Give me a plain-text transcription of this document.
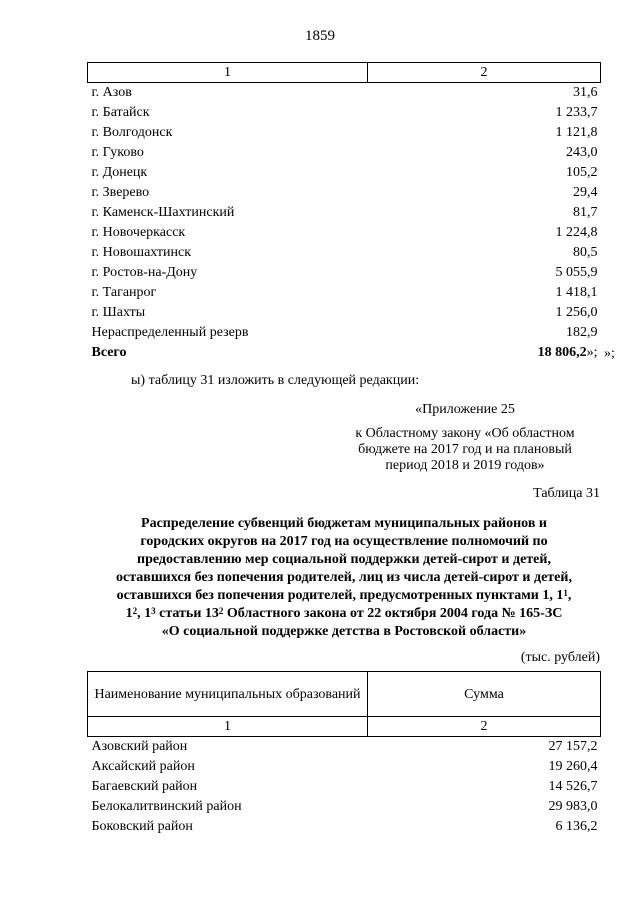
1859
1	2
г. Азов	31,6
г. Батайск	1 233,7
г. Волгодонск	1 121,8
г. Гуково	243,0
г. Донецк	105,2
г. Зверево	29,4
г. Каменск-Шахтинский	81,7
г. Новочеркасск	1 224,8
г. Новошахтинск	80,5
г. Ростов-на-Дону	5 055,9
г. Таганрог	1 418,1
г. Шахты	1 256,0
Нераспределенный резерв	182,9
Всего	18 806,2»; »;
ы) таблицу 31 изложить в следующей редакции:
«Приложение 25
к Областному закону «Об областном
бюджете на 2017 год и на плановый
период 2018 и 2019 годов»
Таблица 31
Распределение субвенций бюджетам муниципальных районов и
городских округов на 2017 год на осуществление полномочий по
предоставлению мер социальной поддержки детей-сирот и детей,
оставшихся без попечения родителей, лиц из числа детей-сирот и детей,
оставшихся без попечения родителей, предусмотренных пунктами 1, $1^1$,
$1^2$, $1^3$ статьи $13^2$ Областного закона от 22 октября 2004 года № 165-ЗС
«О социальной поддержке детства в Ростовской области»
(тыс. рублей)
Наименование муниципальных образований	Сумма
1	2
Азовский район	27 157,2
Аксайский район	19 260,4
Багаевский район	14 526,7
Белокалитвинский район	29 983,0
Боковский район	6 136,2
